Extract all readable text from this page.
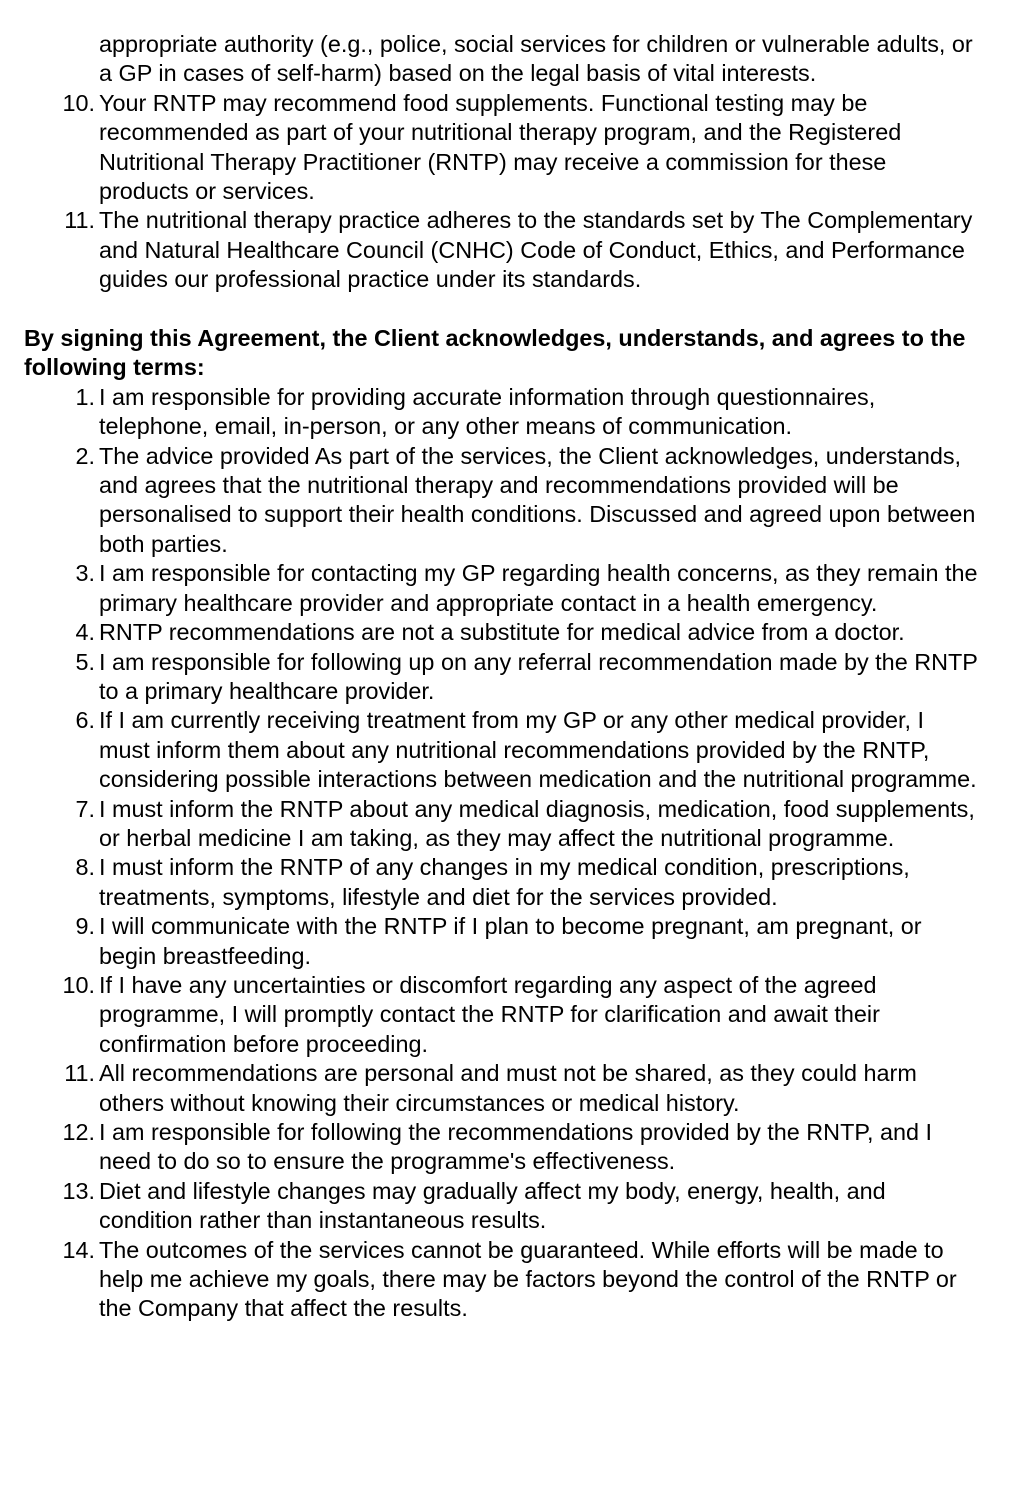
appropriate authority (e.g., police, social services for children or vulnerable adults, or a GP in cases of self-harm) based on the legal basis of vital interests.
10. Your RNTP may recommend food supplements. Functional testing may be recommended as part of your nutritional therapy program, and the Registered Nutritional Therapy Practitioner (RNTP) may receive a commission for these products or services.
11. The nutritional therapy practice adheres to the standards set by The Complementary and Natural Healthcare Council (CNHC) Code of Conduct, Ethics, and Performance guides our professional practice under its standards.

By signing this Agreement, the Client acknowledges, understands, and agrees to the following terms:

1. I am responsible for providing accurate information through questionnaires, telephone, email, in-person, or any other means of communication.
2. The advice provided As part of the services, the Client acknowledges, understands, and agrees that the nutritional therapy and recommendations provided will be personalised to support their health conditions. Discussed and agreed upon between both parties.
3. I am responsible for contacting my GP regarding health concerns, as they remain the primary healthcare provider and appropriate contact in a health emergency.
4. RNTP recommendations are not a substitute for medical advice from a doctor.
5. I am responsible for following up on any referral recommendation made by the RNTP to a primary healthcare provider.
6. If I am currently receiving treatment from my GP or any other medical provider, I must inform them about any nutritional recommendations provided by the RNTP, considering possible interactions between medication and the nutritional programme.
7. I must inform the RNTP about any medical diagnosis, medication, food supplements, or herbal medicine I am taking, as they may affect the nutritional programme.
8. I must inform the RNTP of any changes in my medical condition, prescriptions, treatments, symptoms, lifestyle and diet for the services provided.
9. I will communicate with the RNTP if I plan to become pregnant, am pregnant, or begin breastfeeding.
10. If I have any uncertainties or discomfort regarding any aspect of the agreed programme, I will promptly contact the RNTP for clarification and await their confirmation before proceeding.
11. All recommendations are personal and must not be shared, as they could harm others without knowing their circumstances or medical history.
12. I am responsible for following the recommendations provided by the RNTP, and I need to do so to ensure the programme's effectiveness.
13. Diet and lifestyle changes may gradually affect my body, energy, health, and condition rather than instantaneous results.
14. The outcomes of the services cannot be guaranteed. While efforts will be made to help me achieve my goals, there may be factors beyond the control of the RNTP or the Company that affect the results.
